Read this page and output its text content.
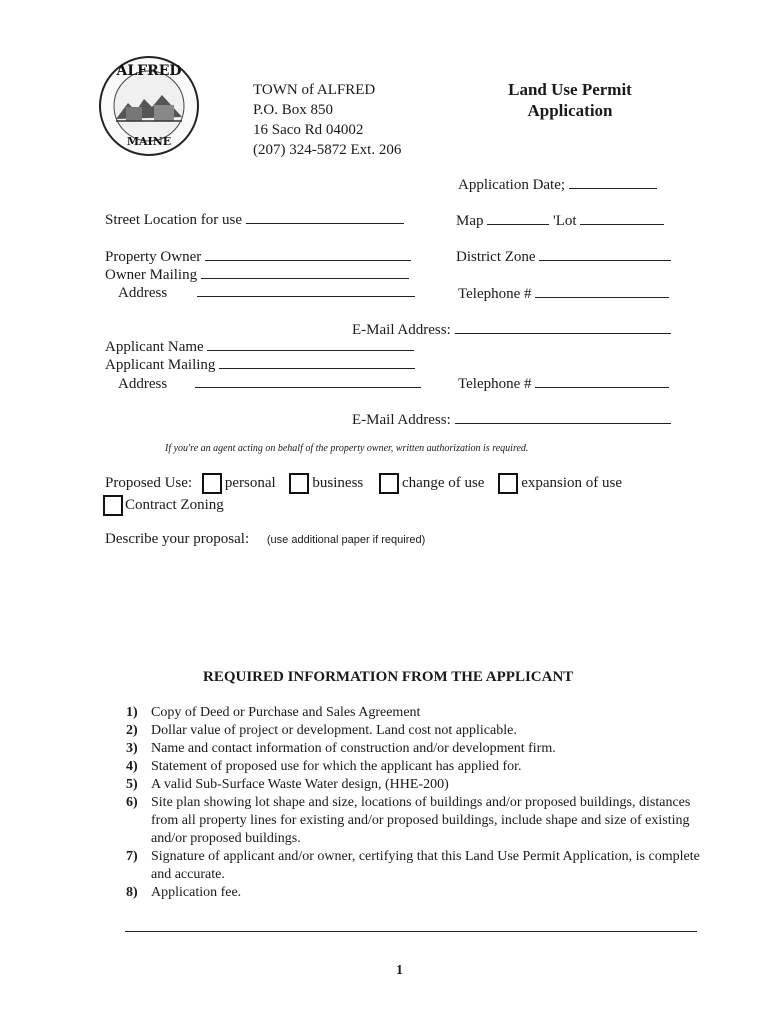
ALFRED
MAINE
TOWN of ALFRED
P.O. Box 850
16 Saco Rd 04002
(207) 324-5872 Ext. 206
Land Use Permit
Application
Application Date;
Street Location for use	Map	'Lot
Property Owner	District Zone
Owner Mailing
Address	Telephone #
E-Mail Address:
Applicant Name
Applicant Mailing
Address	Telephone #
E-Mail Address:
If you're an agent acting on behalf of the property owner, written authorization is required.
Proposed Use: personal business	change of use expansion of use
Contract Zoning
Describe your proposal: (use additional paper if required)
REQUIRED INFORMATION FROM THE APPLICANT
1) Copy of Deed or Purchase and Sales Agreement
2) Dollar value of project or development. Land cost not applicable.
3) Name and contact information of construction and/or development firm.
4) Statement of proposed use for which the applicant has applied for.
5) A valid Sub-Surface Waste Water design, (HHE-200)
6) Site plan showing lot shape and size, locations of buildings and/or proposed buildings, distances from all property lines for existing and/or proposed buildings, include shape and size of existing and/or proposed buildings.
7) Signature of applicant and/or owner, certifying that this Land Use Permit Application, is complete and accurate.
8) Application fee.
1
